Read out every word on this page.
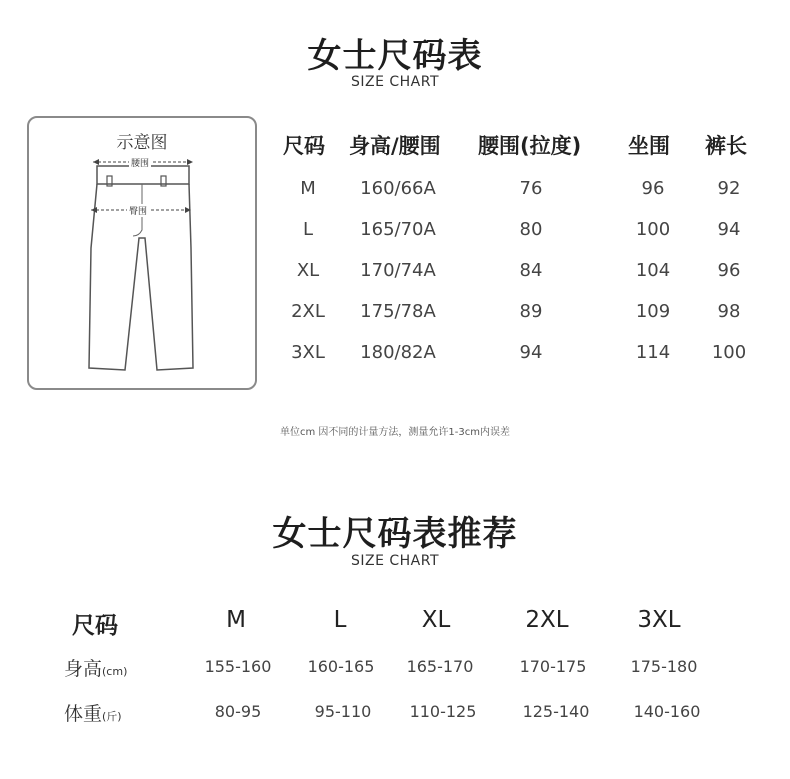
女士尺码表
SIZE CHART
示意图
腰围
臀围
尺码 身高/腰围 腰围(拉度) 坐围 裤长
M	160/66A	76	96	92
L	165/70A	80	100	94
XL	170/74A	84	104	96
2XL	175/78A	89	109	98
3XL	180/82A	94	114	100
单位cm 因不同的计量方法，测量允许1-3cm内误差
女士尺码表推荐
SIZE CHART
尺码	M	L	XL	2XL	3XL
身高(cm)	155-160	160-165	165-170	170-175	175-180
体重(斤)	80-95	95-110	110-125	125-140	140-160
